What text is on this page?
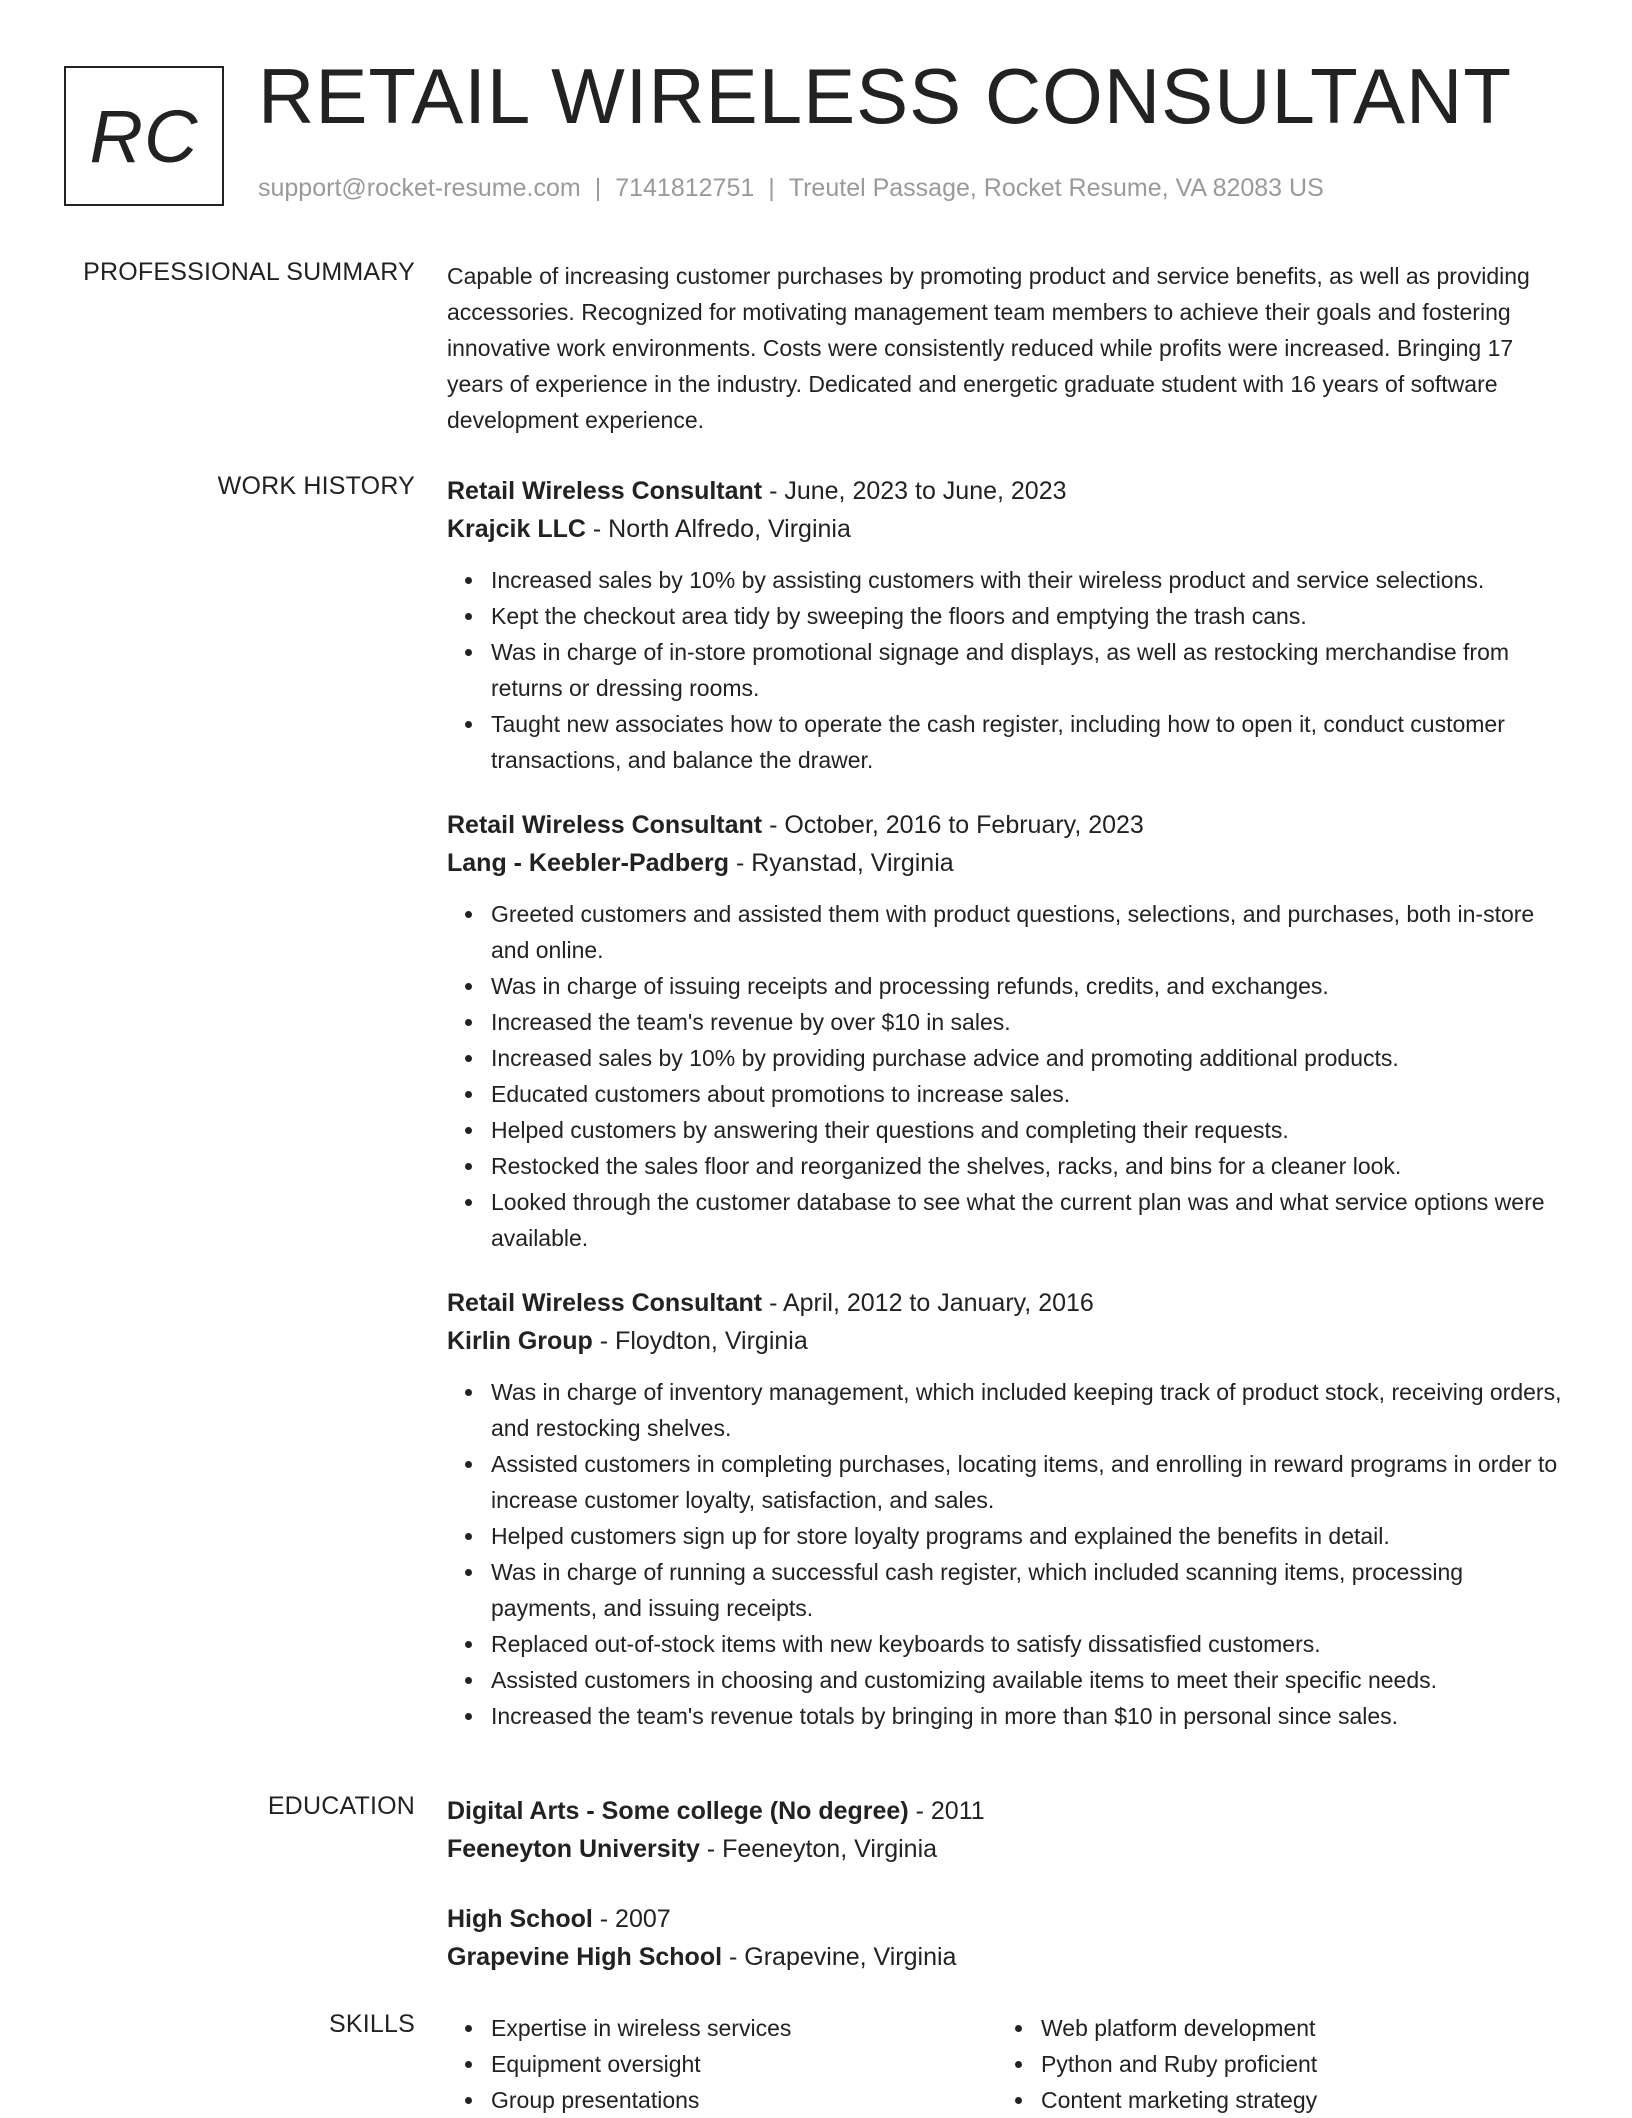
RC RETAIL WIRELESS CONSULTANT
support@rocket-resume.com | 7141812751 | Treutel Passage, Rocket Resume, VA 82083 US
PROFESSIONAL SUMMARY Capable of increasing customer purchases by promoting product and service benefits, as well as providing accessories. Recognized for motivating management team members to achieve their goals and fostering innovative work environments. Costs were consistently reduced while profits were increased. Bringing 17 years of experience in the industry. Dedicated and energetic graduate student with 16 years of software development experience.

WORK HISTORY Retail Wireless Consultant - June, 2023 to June, 2023
Krajcik LLC - North Alfredo, Virginia
Increased sales by 10% by assisting customers with their wireless product and service selections.
Kept the checkout area tidy by sweeping the floors and emptying the trash cans.
Was in charge of in-store promotional signage and displays, as well as restocking merchandise from returns or dressing rooms.
Taught new associates how to operate the cash register, including how to open it, conduct customer transactions, and balance the drawer.
Retail Wireless Consultant - October, 2016 to February, 2023
Lang - Keebler-Padberg - Ryanstad, Virginia
Greeted customers and assisted them with product questions, selections, and purchases, both in-store and online.
Was in charge of issuing receipts and processing refunds, credits, and exchanges.
Increased the team's revenue by over $10 in sales.
Increased sales by 10% by providing purchase advice and promoting additional products.
Educated customers about promotions to increase sales.
Helped customers by answering their questions and completing their requests.
Restocked the sales floor and reorganized the shelves, racks, and bins for a cleaner look.
Looked through the customer database to see what the current plan was and what service options were available.
Retail Wireless Consultant - April, 2012 to January, 2016
Kirlin Group - Floydton, Virginia
Was in charge of inventory management, which included keeping track of product stock, receiving orders, and restocking shelves.
Assisted customers in completing purchases, locating items, and enrolling in reward programs in order to increase customer loyalty, satisfaction, and sales.
Helped customers sign up for store loyalty programs and explained the benefits in detail.
Was in charge of running a successful cash register, which included scanning items, processing payments, and issuing receipts.
Replaced out-of-stock items with new keyboards to satisfy dissatisfied customers.
Assisted customers in choosing and customizing available items to meet their specific needs.
Increased the team's revenue totals by bringing in more than $10 in personal since sales.
EDUCATION Digital Arts - Some college (No degree) - 2011
Feeneyton University - Feeneyton, Virginia
High School - 2007
Grapevine High School - Grapevine, Virginia
SKILLS	Expertise in wireless services
Equipment oversight
Group presentations
Web platform development
Python and Ruby proficient
Content marketing strategy
